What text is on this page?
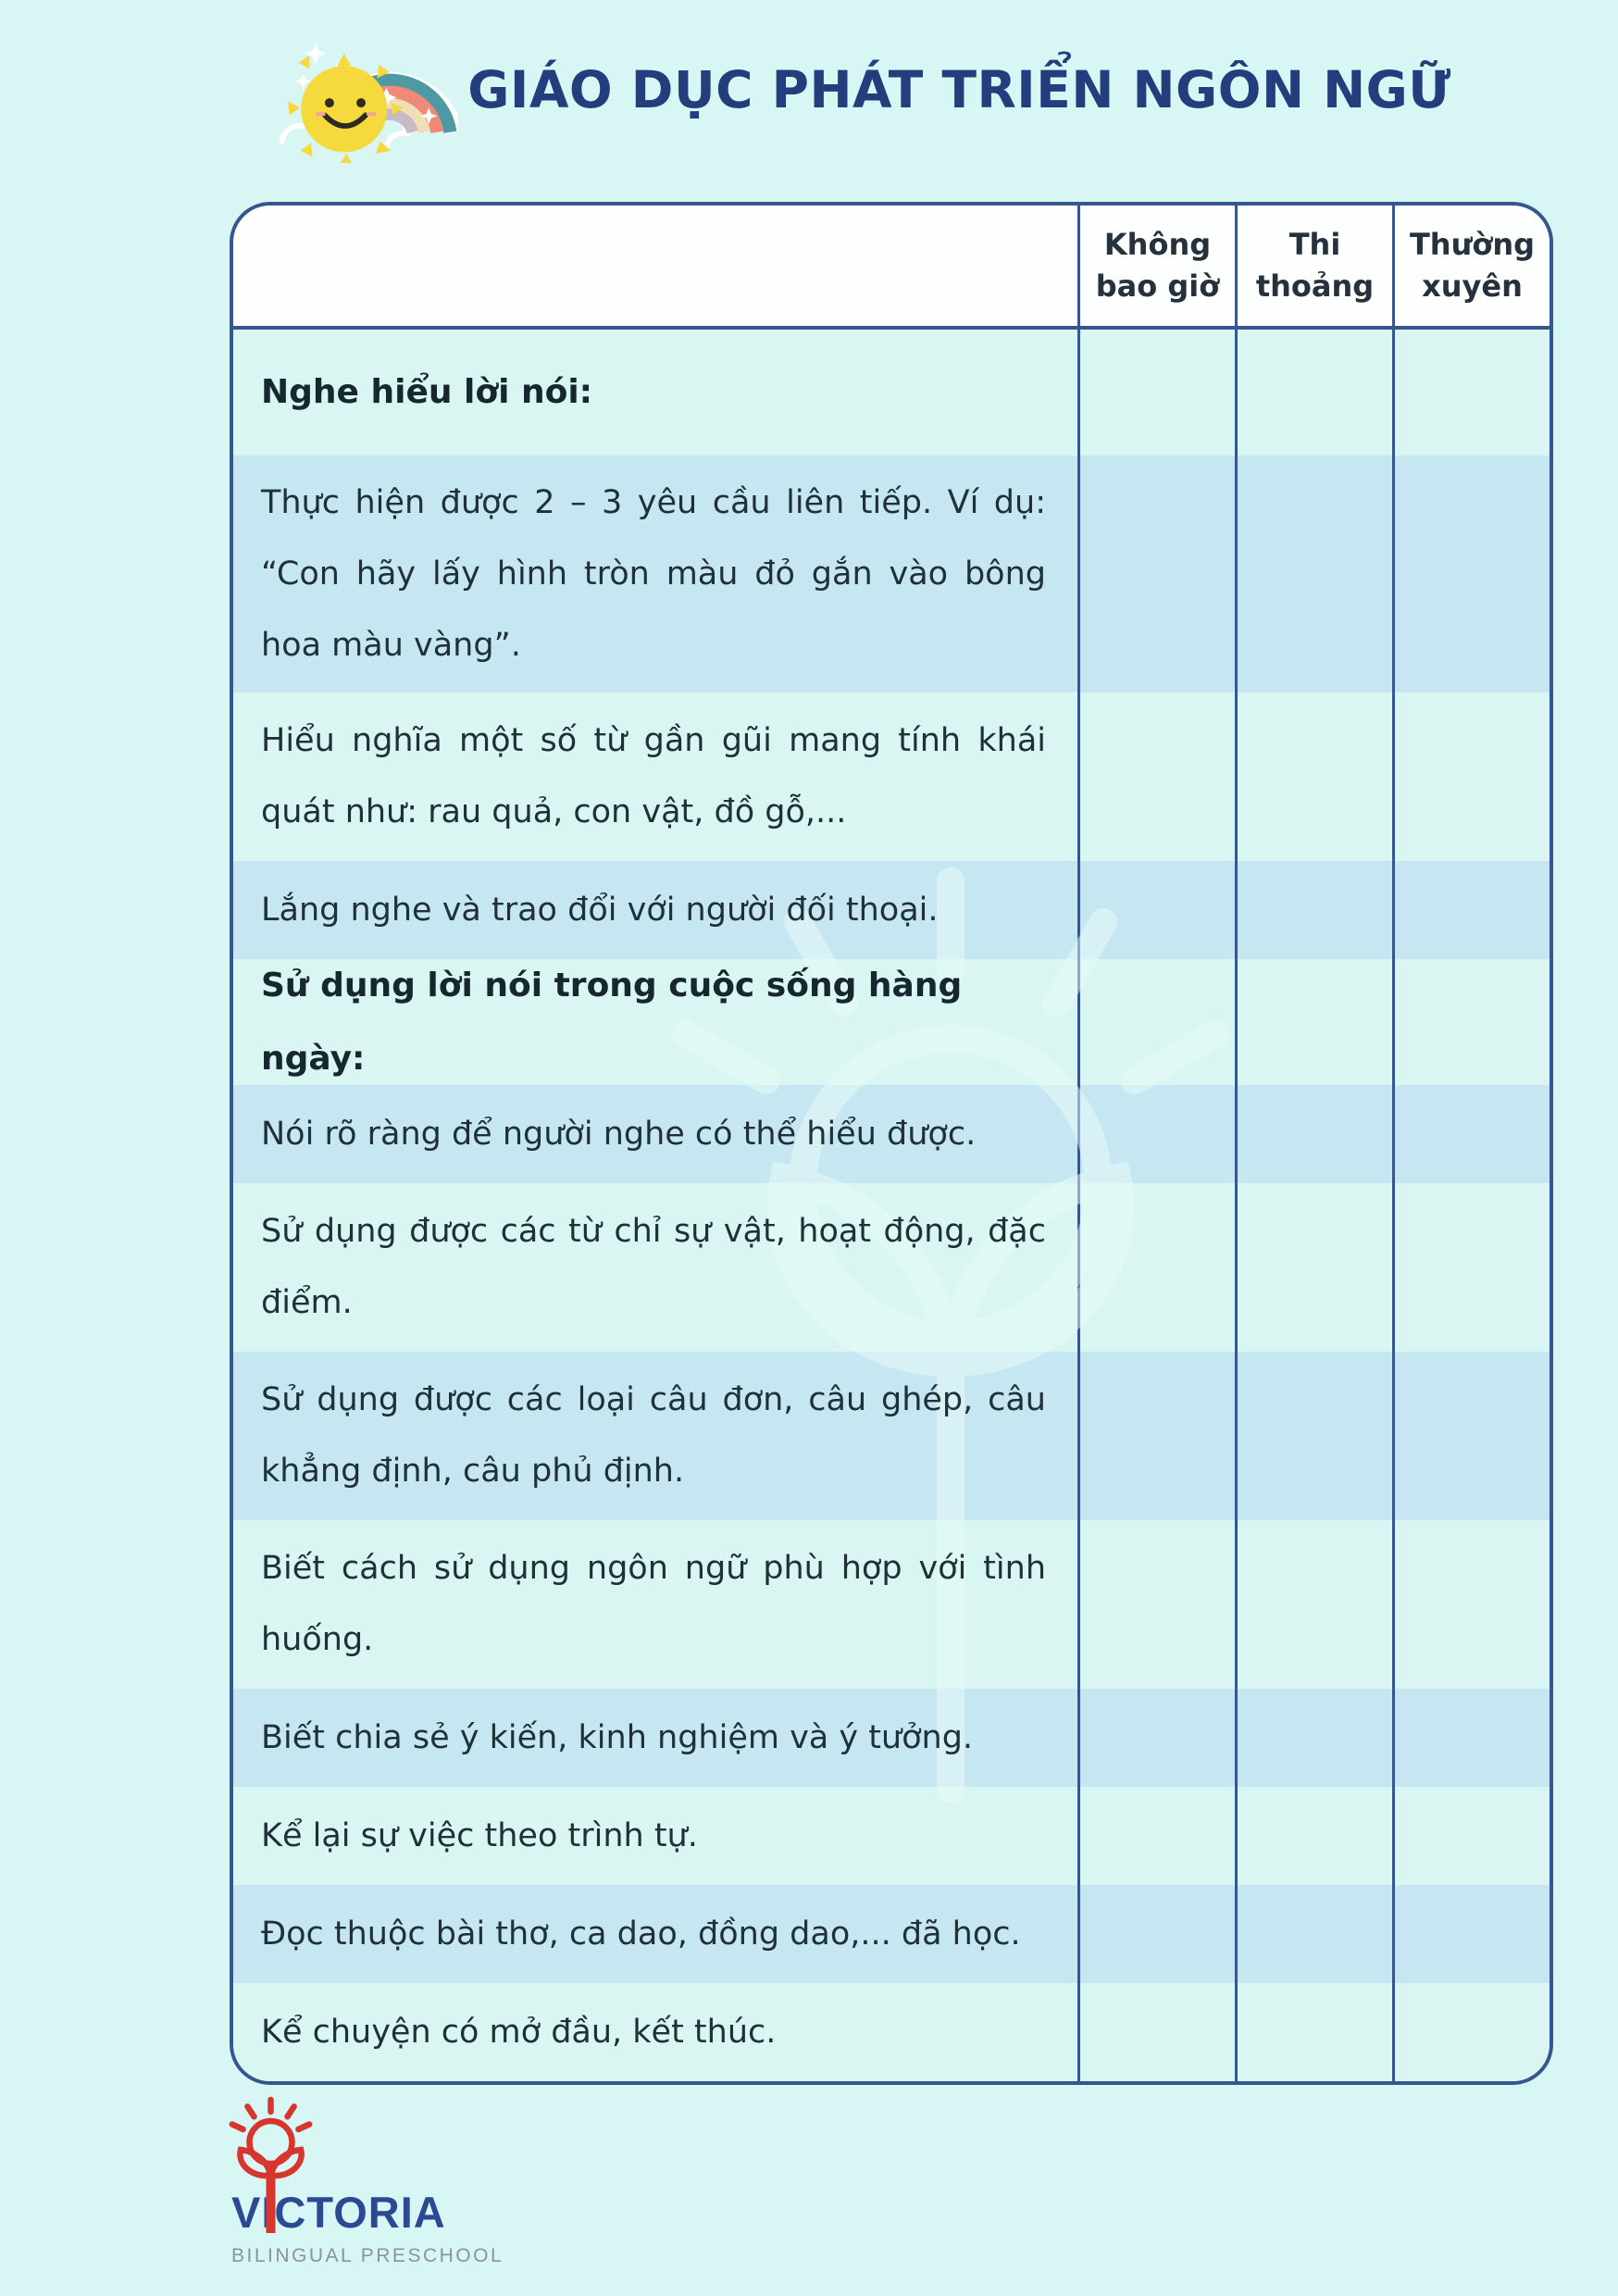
GIÁO DỤC PHÁT TRIỂN NGÔN NGỮ
Không bao giờ
Thi thoảng
Thường xuyên
Nghe hiểu lời nói:
Thực hiện được 2 – 3 yêu cầu liên tiếp. Ví dụ: “Con hãy lấy hình tròn màu đỏ gắn vào bông hoa màu vàng”.
Hiểu nghĩa một số từ gần gũi mang tính khái quát như: rau quả, con vật, đồ gỗ,...
Lắng nghe và trao đổi với người đối thoại.
Sử dụng lời nói trong cuộc sống hàng ngày:
Nói rõ ràng để người nghe có thể hiểu được.
Sử dụng được các từ chỉ sự vật, hoạt động, đặc điểm.
Sử dụng được các loại câu đơn, câu ghép, câu khẳng định, câu phủ định.
Biết cách sử dụng ngôn ngữ phù hợp với tình huống.
Biết chia sẻ ý kiến, kinh nghiệm và ý tưởng.
Kể lại sự việc theo trình tự.
Đọc thuộc bài thơ, ca dao, đồng dao,... đã học.
Kể chuyện có mở đầu, kết thúc.
VICTORIA
BILINGUAL PRESCHOOL
